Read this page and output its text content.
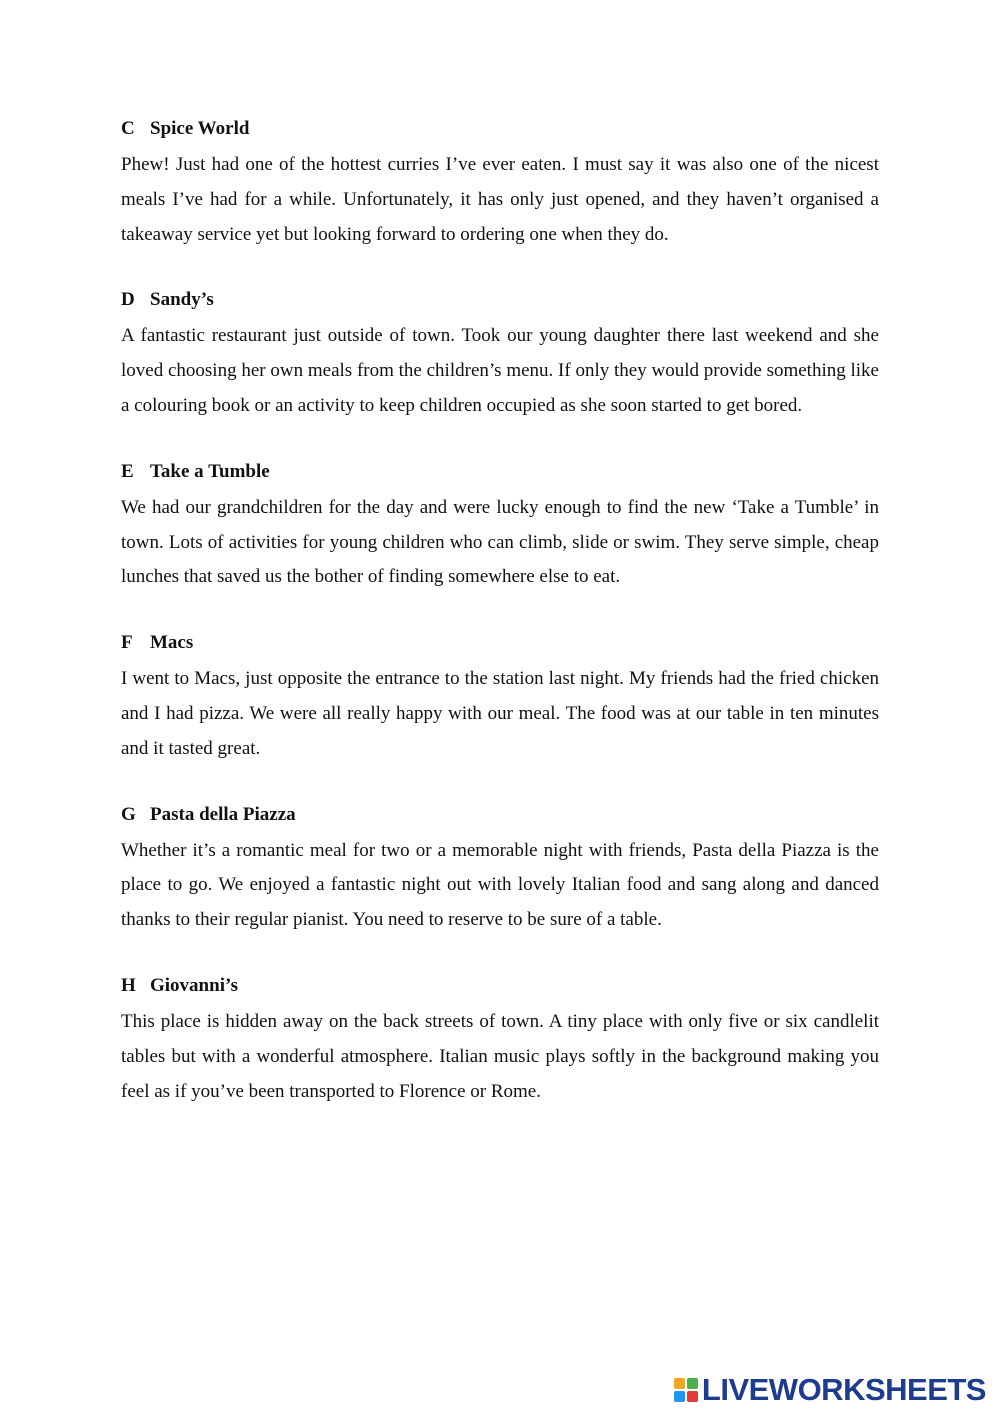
C Spice World

Phew! Just had one of the hottest curries I’ve ever eaten. I must say it was also one of the nicest meals I’ve had for a while. Unfortunately, it has only just opened, and they haven’t organised a takeaway service yet but looking forward to ordering one when they do.

D Sandy’s

A fantastic restaurant just outside of town. Took our young daughter there last weekend and she loved choosing her own meals from the children’s menu. If only they would provide something like a colouring book or an activity to keep children occupied as she soon started to get bored.

E Take a Tumble

We had our grandchildren for the day and were lucky enough to find the new ‘Take a Tumble’ in town. Lots of activities for young children who can climb, slide or swim. They serve simple, cheap lunches that saved us the bother of finding somewhere else to eat.

F Macs

I went to Macs, just opposite the entrance to the station last night. My friends had the fried chicken and I had pizza. We were all really happy with our meal. The food was at our table in ten minutes and it tasted great.

G Pasta della Piazza

Whether it’s a romantic meal for two or a memorable night with friends, Pasta della Piazza is the place to go. We enjoyed a fantastic night out with lovely Italian food and sang along and danced thanks to their regular pianist. You need to reserve to be sure of a table.

H Giovanni’s

This place is hidden away on the back streets of town. A tiny place with only five or six candlelit tables but with a wonderful atmosphere. Italian music plays softly in the background making you feel as if you’ve been transported to Florence or Rome.

LIVEWORKSHEETS
